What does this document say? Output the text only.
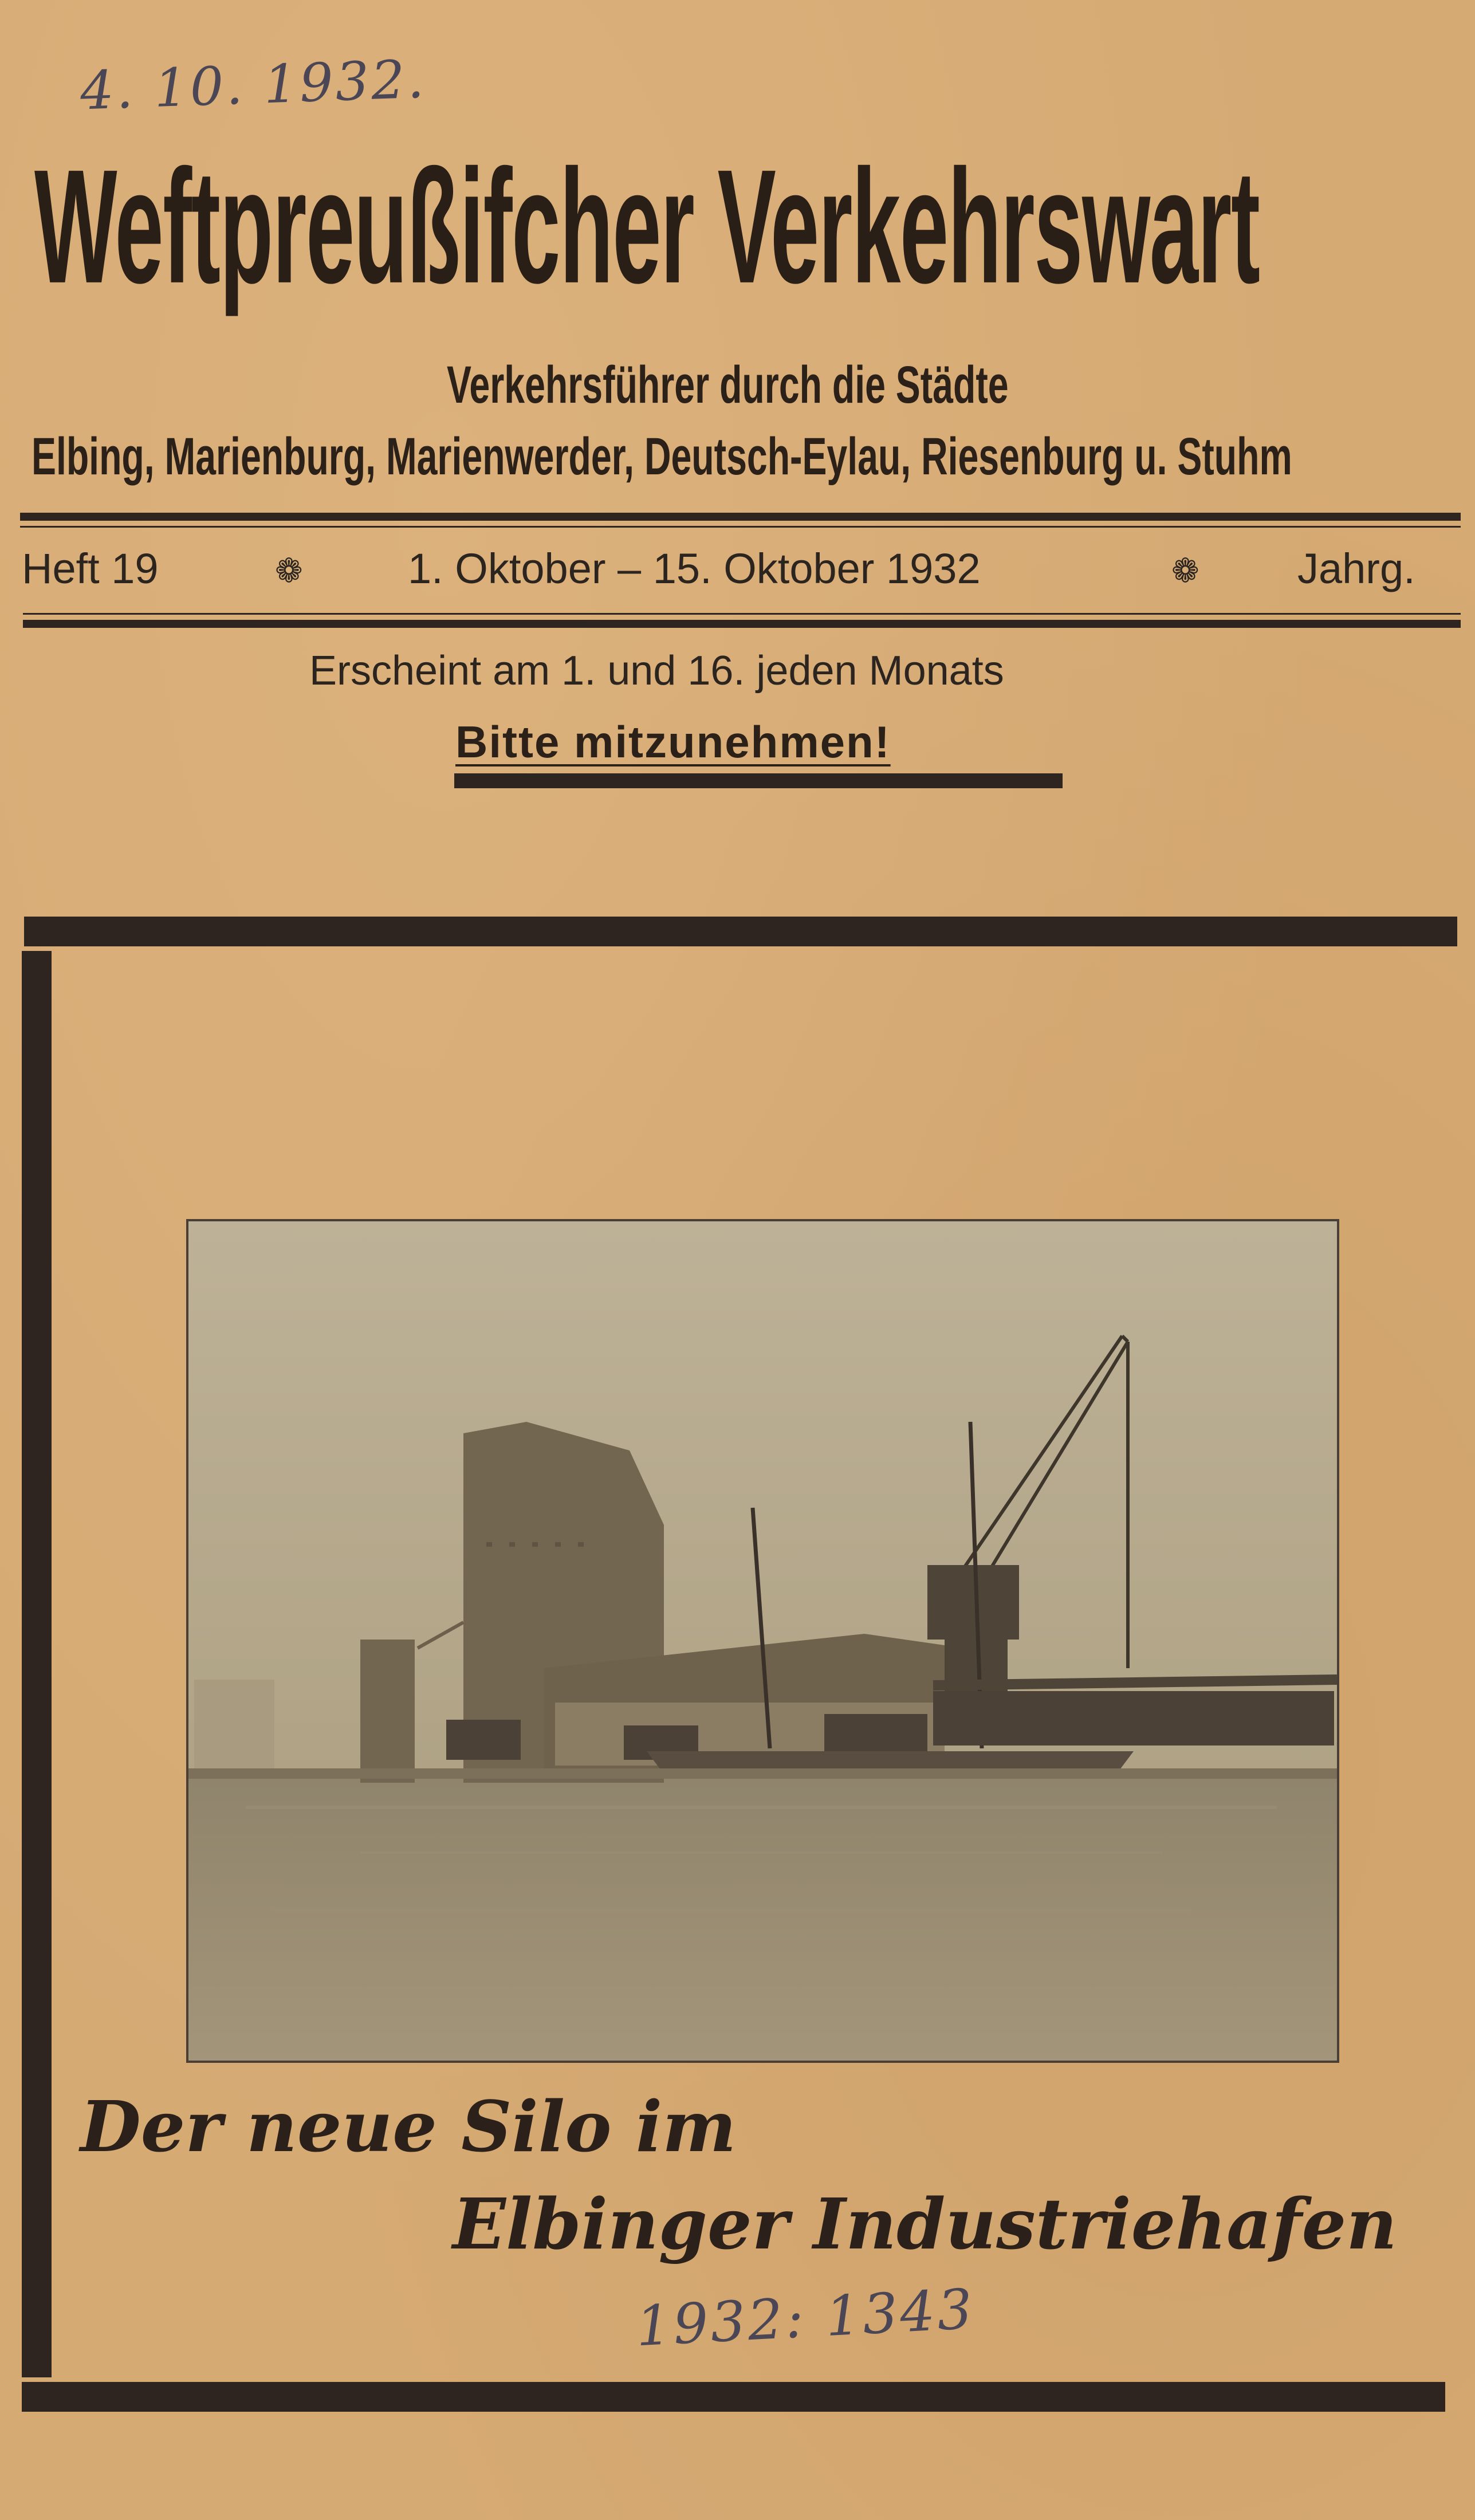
4. 10. 1932.
Weftpreußifcher Verkehrswart
Verkehrsführer durch die Städte
Elbing, Marienburg, Marienwerder, Deutsch-Eylau, Riesenburg u. Stuhm
Heft 19	❁ 1. Oktober – 15. Oktober 1932	❁ Jahrg.
Erscheint am 1. und 16. jeden Monats
Bitte mitzunehmen!
Der neue Silo im
Elbinger Industriehafen
1932: 1343
